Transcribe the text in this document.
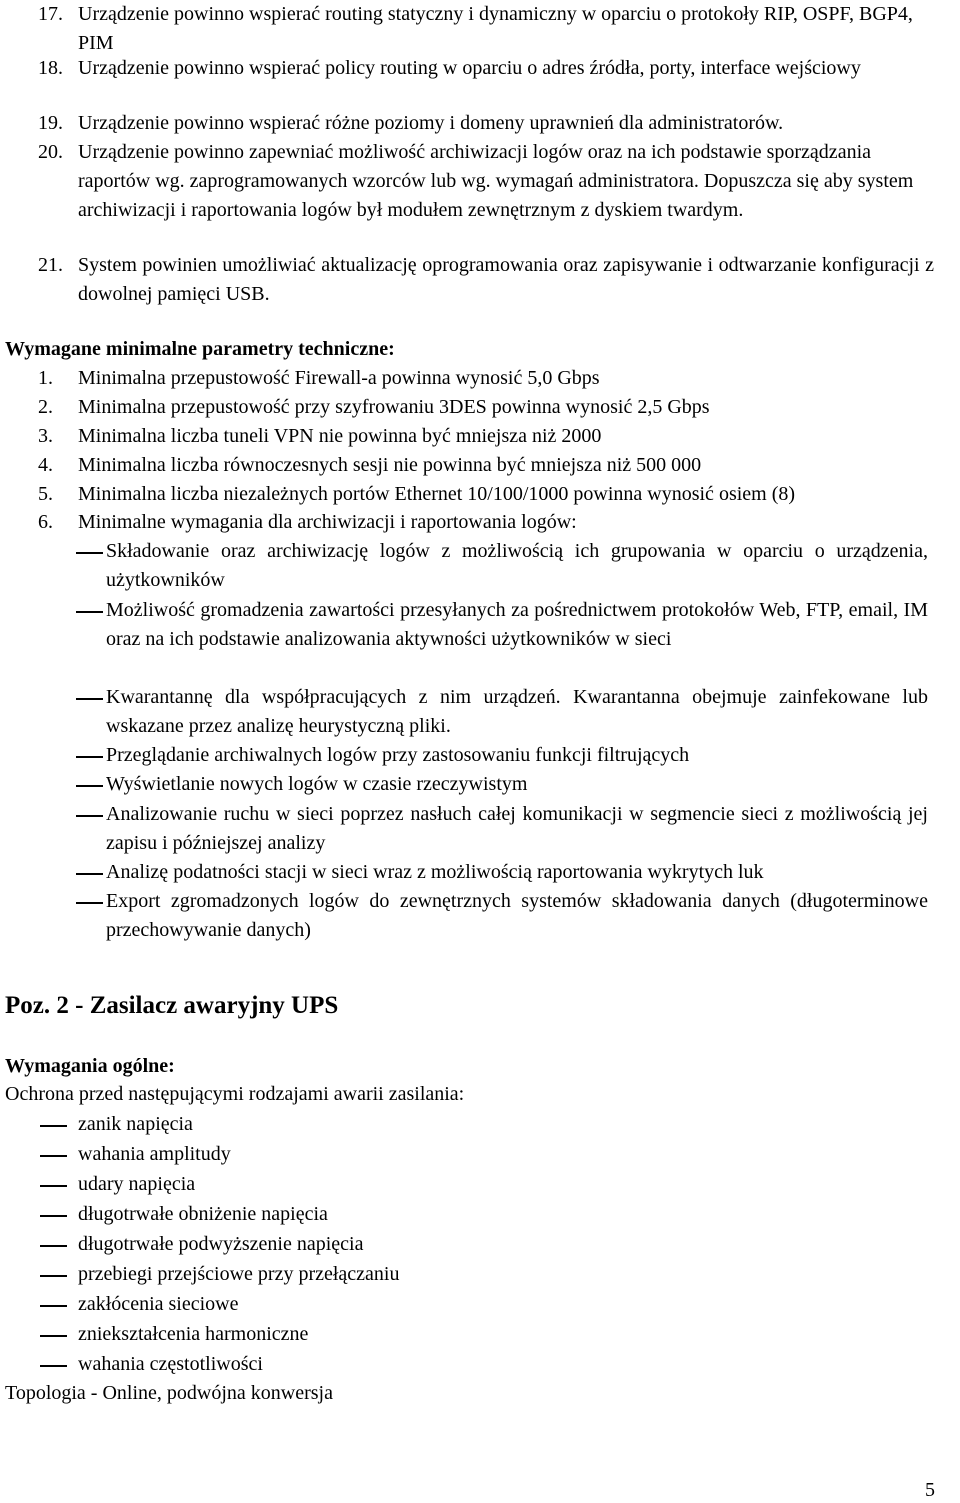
17. Urządzenie powinno wspierać routing statyczny i dynamiczny w oparciu o protokoły RIP, OSPF, BGP4, PIM
18. Urządzenie powinno wspierać policy routing w oparciu o adres źródła, porty, interface wejściowy
19. Urządzenie powinno wspierać różne poziomy i domeny uprawnień dla administratorów.
20. Urządzenie powinno zapewniać możliwość archiwizacji logów oraz na ich podstawie sporządzania raportów wg. zaprogramowanych wzorców lub wg. wymagań administratora. Dopuszcza się aby system archiwizacji i raportowania logów był modułem zewnętrznym z dyskiem twardym.
21. System powinien umożliwiać aktualizację oprogramowania oraz zapisywanie i odtwarzanie konfiguracji z dowolnej pamięci USB.
Wymagane minimalne parametry techniczne:
1.	Minimalna przepustowość Firewall-a powinna wynosić 5,0 Gbps
2.	Minimalna przepustowość przy szyfrowaniu 3DES powinna wynosić 2,5 Gbps
3.	Minimalna liczba tuneli VPN nie powinna być mniejsza niż 2000
4.	Minimalna liczba równoczesnych sesji nie powinna być mniejsza niż 500 000
5.	Minimalna liczba niezależnych portów Ethernet 10/100/1000 powinna wynosić osiem (8)
6.	Minimalne wymagania dla archiwizacji i raportowania logów:
Składowanie oraz archiwizację logów z możliwością ich grupowania w oparciu o urządzenia, użytkowników
Możliwość gromadzenia zawartości przesyłanych za pośrednictwem protokołów Web, FTP, email, IM oraz na ich podstawie analizowania aktywności użytkowników w sieci
Kwarantannę dla współpracujących z nim urządzeń. Kwarantanna obejmuje zainfekowane lub wskazane przez analizę heurystyczną pliki.
Przeglądanie archiwalnych logów przy zastosowaniu funkcji filtrujących
Wyświetlanie nowych logów w czasie rzeczywistym
Analizowanie ruchu w sieci poprzez nasłuch całej komunikacji w segmencie sieci z możliwością jej zapisu i późniejszej analizy
Analizę podatności stacji w sieci wraz z możliwością raportowania wykrytych luk
Export zgromadzonych logów do zewnętrznych systemów składowania danych (długoterminowe przechowywanie danych)
Poz. 2 - Zasilacz awaryjny UPS
Wymagania ogólne:
Ochrona przed następującymi rodzajami awarii zasilania:
zanik napięcia
wahania amplitudy
udary napięcia
długotrwałe obniżenie napięcia
długotrwałe podwyższenie napięcia
przebiegi przejściowe przy przełączaniu
zakłócenia sieciowe
zniekształcenia harmoniczne
wahania częstotliwości
Topologia - Online, podwójna konwersja
5
